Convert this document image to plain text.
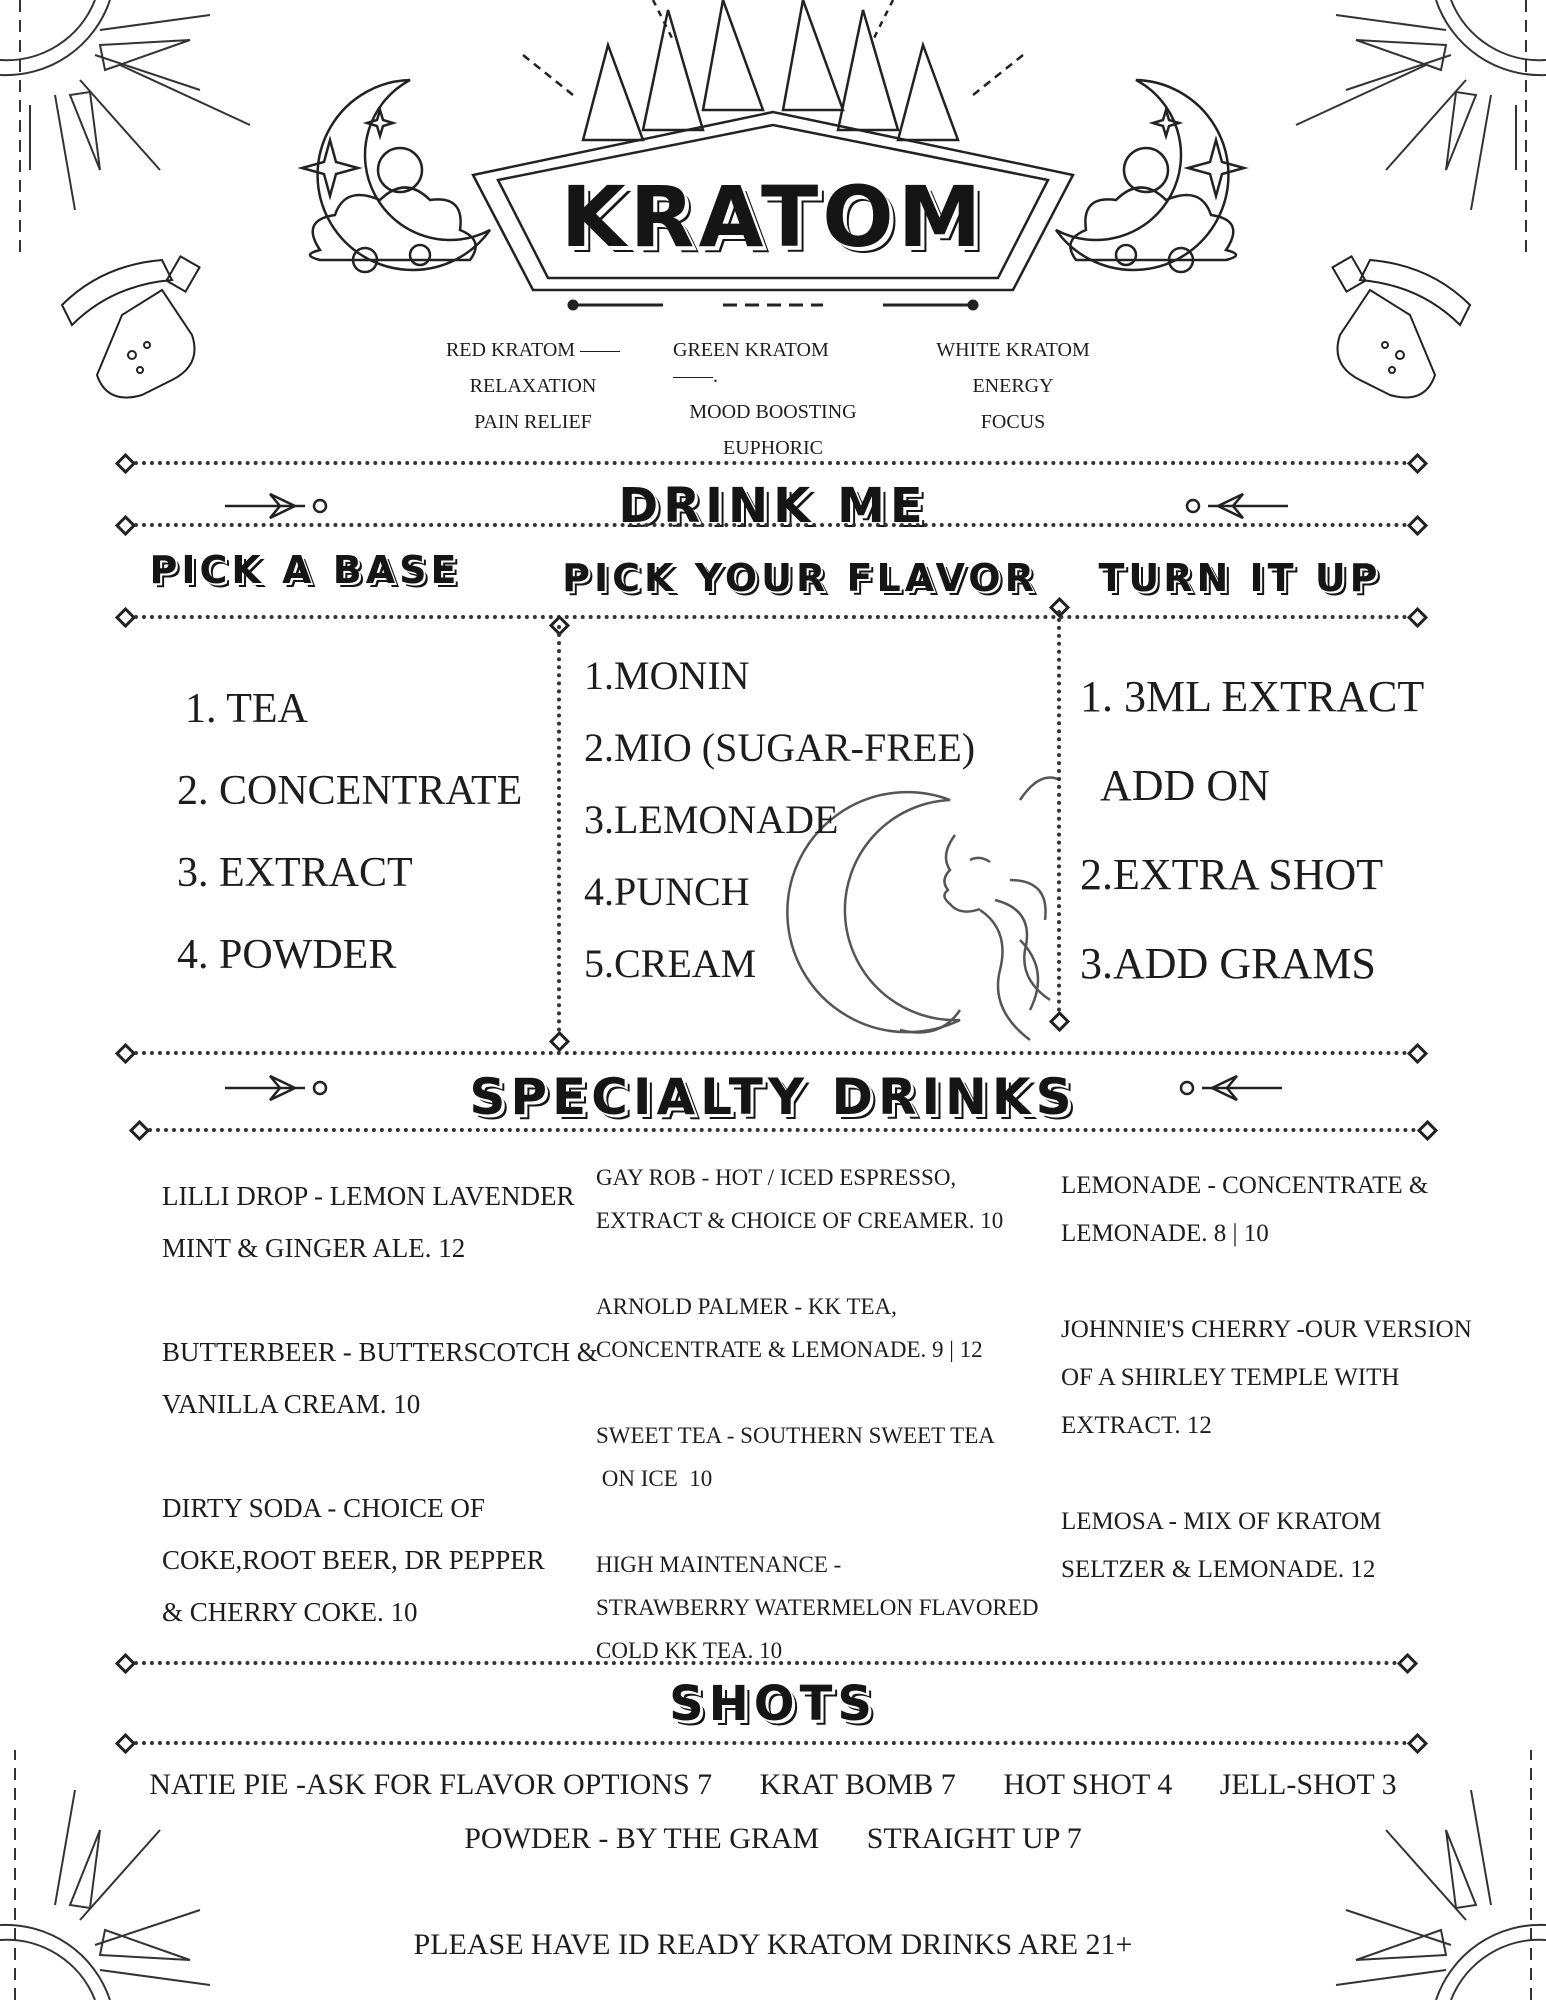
KRATOM
RED KRATOM ——
RELAXATION
PAIN RELIEF
GREEN KRATOM ——.
MOOD BOOSTING
EUPHORIC
WHITE KRATOM
ENERGY
FOCUS
DRINK ME
PICK A BASE	PICK YOUR FLAVOR TURN IT UP
1. TEA
2. CONCENTRATE
3. EXTRACT
4. POWDER
1.MONIN
2.MIO (SUGAR-FREE)
3.LEMONADE
4.PUNCH
5.CREAM
1. 3ML EXTRACT
ADD ON
2.EXTRA SHOT
3.ADD GRAMS
SPECIALTY DRINKS

LILLI DROP - LEMON LAVENDER

MINT & GINGER ALE. 12

BUTTERBEER - BUTTERSCOTCH &

VANILLA CREAM. 10

DIRTY SODA - CHOICE OF

COKE,ROOT BEER, DR PEPPER

& CHERRY COKE. 10

GAY ROB - HOT / ICED ESPRESSO,

EXTRACT & CHOICE OF CREAMER. 10

ARNOLD PALMER - KK TEA,

CONCENTRATE & LEMONADE. 9 | 12

SWEET TEA - SOUTHERN SWEET TEA

ON ICE  10

HIGH MAINTENANCE -

STRAWBERRY WATERMELON FLAVORED

COLD KK TEA. 10

LEMONADE - CONCENTRATE &

LEMONADE. 8 | 10

JOHNNIE'S CHERRY -OUR VERSION

OF A SHIRLEY TEMPLE WITH

EXTRACT. 12

LEMOSA - MIX OF KRATOM

SELTZER & LEMONADE. 12

SHOTS
NATIE PIE -ASK FOR FLAVOR OPTIONS 7 KRAT BOMB 7 HOT SHOT 4 JELL-SHOT 3
POWDER - BY THE GRAM STRAIGHT UP 7
PLEASE HAVE ID READY KRATOM DRINKS ARE 21+
